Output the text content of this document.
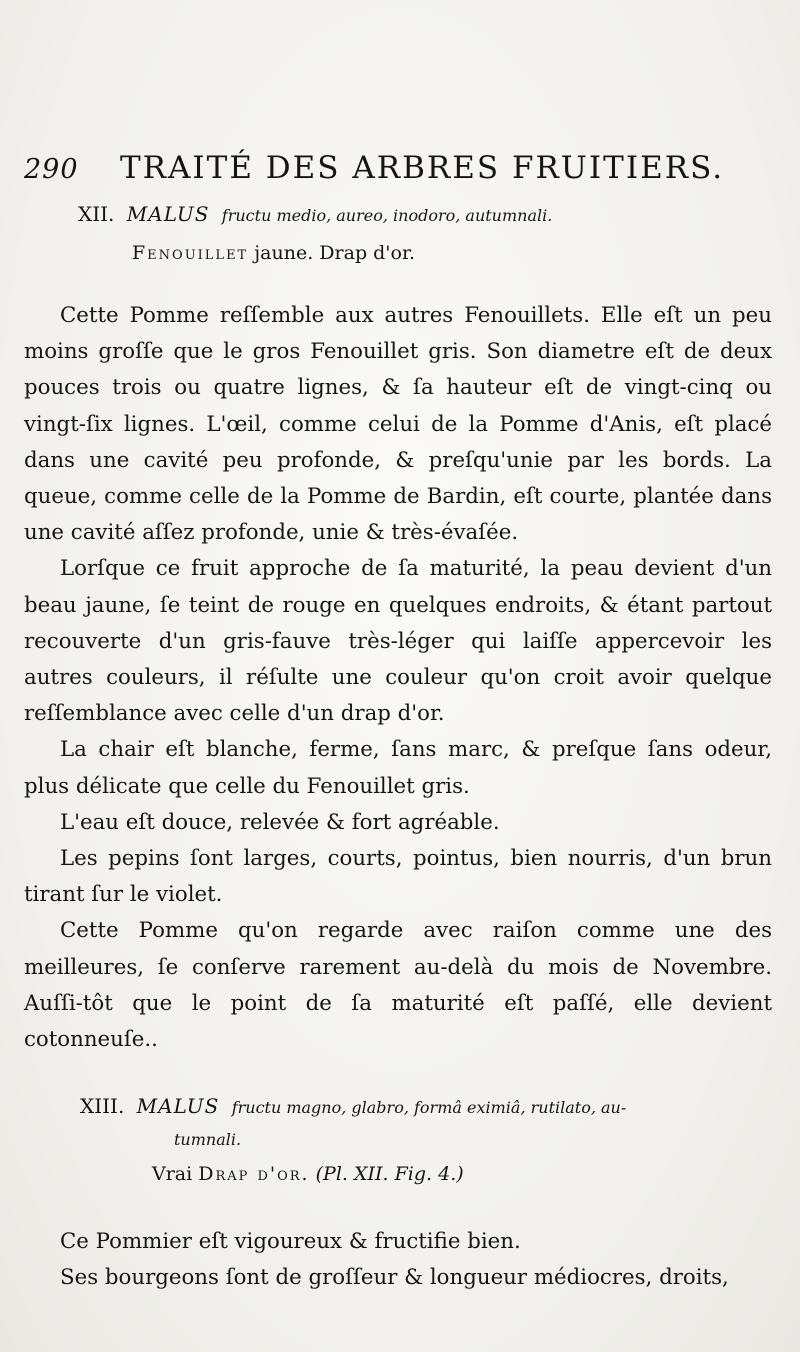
290	TRAITÉ DES ARBRES FRUITIERS.
XII. MALUS fructu medio, aureo, inodoro, autumnali.
Fenouillet jaune. Drap d'or.

Cette Pomme reſſemble aux autres Fenouillets. Elle eſt un peu moins groſſe que le gros Fenouillet gris. Son diametre eſt de deux pouces trois ou quatre lignes, & ſa hauteur eſt de vingt-cinq ou vingt-ſix lignes. L'œil, comme celui de la Pomme d'Anis, eſt placé dans une cavité peu profonde, & preſqu'unie par les bords. La queue, comme celle de la Pomme de Bardin, eſt courte, plantée dans une cavité aſſez profonde, unie & très-évaſée.

Lorſque ce fruit approche de ſa maturité, la peau devient d'un beau jaune, ſe teint de rouge en quelques endroits, & étant partout recouverte d'un gris-fauve très-léger qui laiſſe appercevoir les autres couleurs, il réſulte une couleur qu'on croit avoir quelque reſſemblance avec celle d'un drap d'or.

La chair eſt blanche, ferme, ſans marc, & preſque ſans odeur, plus délicate que celle du Fenouillet gris.

L'eau eſt douce, relevée & fort agréable.

Les pepins ſont larges, courts, pointus, bien nourris, d'un brun tirant ſur le violet.

Cette Pomme qu'on regarde avec raiſon comme une des meilleures, ſe conſerve rarement au-delà du mois de Novembre. Auſſi-tôt que le point de ſa maturité eſt paſſé, elle devient cotonneuſe..

XIII. MALUS fructu magno, glabro, formâ eximiâ, rutilato, au-
tumnali.
Vrai Drap d'or. (Pl. XII. Fig. 4.)

Ce Pommier eſt vigoureux & fructifie bien.

Ses bourgeons ſont de groſſeur & longueur médiocres, droits,
